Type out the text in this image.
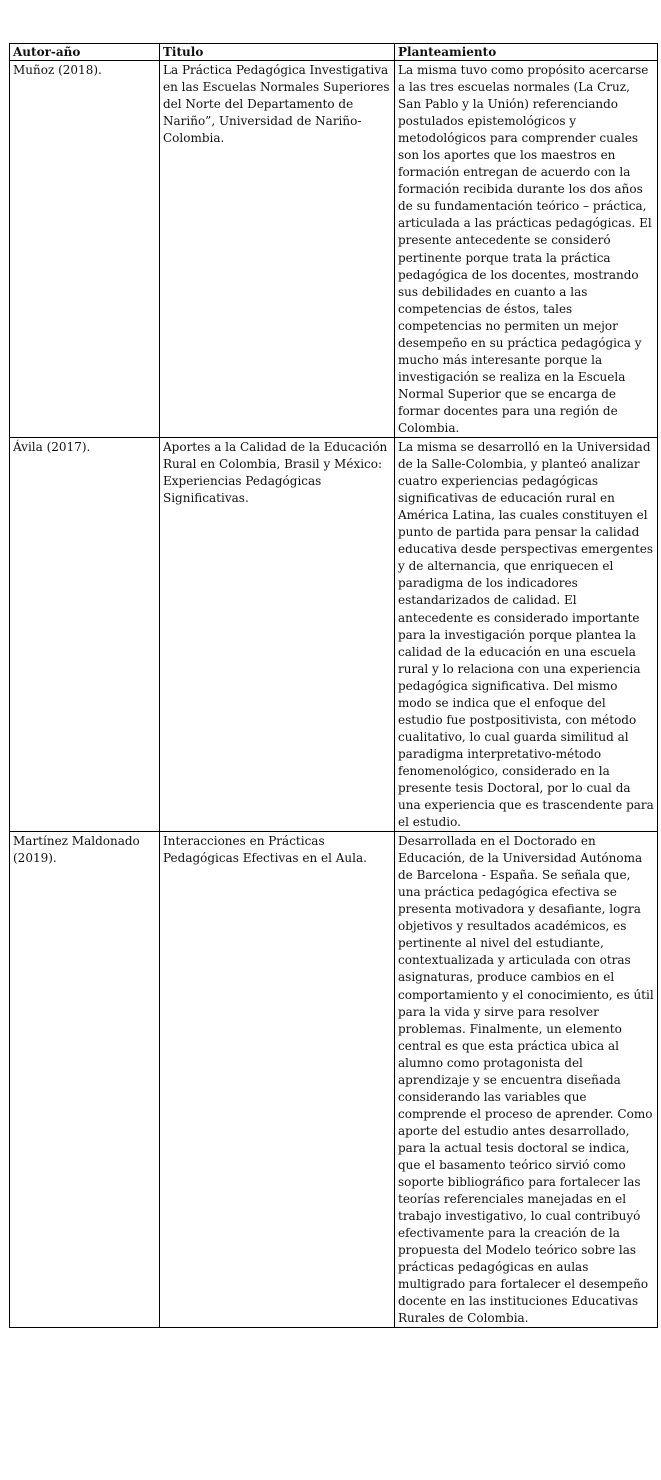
Autor-año	Titulo	Planteamiento
Muñoz (2018).	La Práctica Pedagógica Investigativa en las Escuelas Normales Superiores del Norte del Departamento de Nariño”, Universidad de Nariño-Colombia.	La misma tuvo como propósito acercarse a las tres escuelas normales (La Cruz, San Pablo y la Unión) referenciando postulados epistemológicos y metodológicos para comprender cuales son los aportes que los maestros en formación entregan de acuerdo con la formación recibida durante los dos años de su fundamentación teórico – práctica, articulada a las prácticas pedagógicas. El presente antecedente se consideró pertinente porque trata la práctica pedagógica de los docentes, mostrando sus debilidades en cuanto a las competencias de éstos, tales competencias no permiten un mejor desempeño en su práctica pedagógica y mucho más interesante porque la investigación se realiza en la Escuela Normal Superior que se encarga de formar docentes para una región de Colombia.
Ávila (2017).	Aportes a la Calidad de la Educación Rural en Colombia, Brasil y México: Experiencias Pedagógicas Significativas.	La misma se desarrolló en la Universidad de la Salle-Colombia, y planteó analizar cuatro experiencias pedagógicas significativas de educación rural en América Latina, las cuales constituyen el punto de partida para pensar la calidad educativa desde perspectivas emergentes y de alternancia, que enriquecen el paradigma de los indicadores estandarizados de calidad. El antecedente es considerado importante para la investigación porque plantea la calidad de la educación en una escuela rural y lo relaciona con una experiencia pedagógica significativa. Del mismo modo se indica que el enfoque del estudio fue postpositivista, con método cualitativo, lo cual guarda similitud al paradigma interpretativo-método fenomenológico, considerado en la presente tesis Doctoral, por lo cual da una experiencia que es trascendente para el estudio.
Martínez Maldonado (2019).	Interacciones en Prácticas Pedagógicas Efectivas en el Aula.	Desarrollada en el Doctorado en Educación, de la Universidad Autónoma de Barcelona - España. Se señala que, una práctica pedagógica efectiva se presenta motivadora y desafiante, logra objetivos y resultados académicos, es pertinente al nivel del estudiante, contextualizada y articulada con otras asignaturas, produce cambios en el comportamiento y el conocimiento, es útil para la vida y sirve para resolver problemas. Finalmente, un elemento central es que esta práctica ubica al alumno como protagonista del aprendizaje y se encuentra diseñada considerando las variables que comprende el proceso de aprender. Como aporte del estudio antes desarrollado, para la actual tesis doctoral se indica, que el basamento teórico sirvió como soporte bibliográfico para fortalecer las teorías referenciales manejadas en el trabajo investigativo, lo cual contribuyó efectivamente para la creación de la propuesta del Modelo teórico sobre las prácticas pedagógicas en aulas multigrado para fortalecer el desempeño docente en las instituciones Educativas Rurales de Colombia.
